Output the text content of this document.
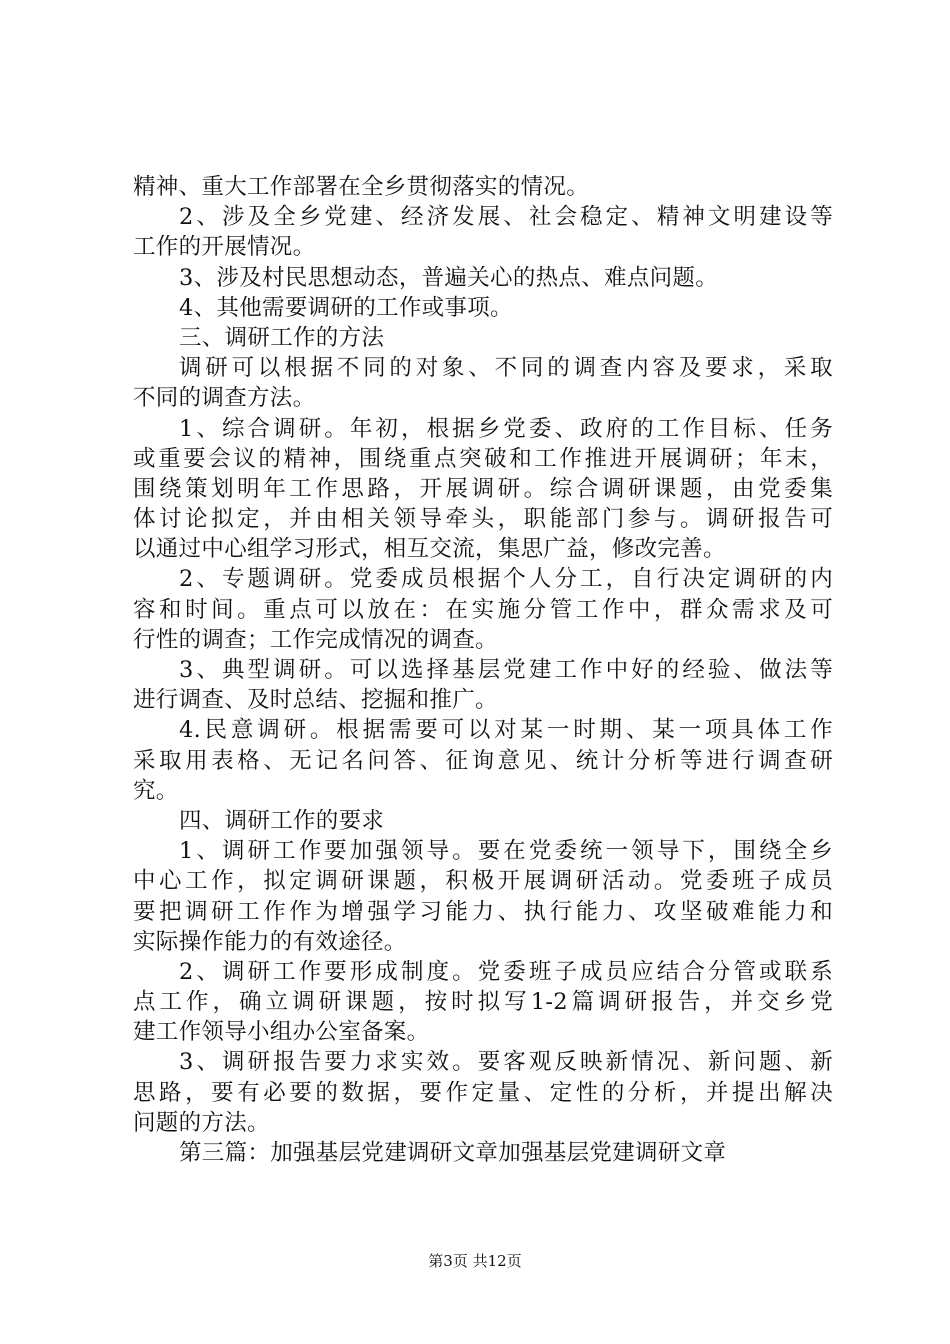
精神、重大工作部署在全乡贯彻落实的情况。
2、涉及全乡党建、经济发展、社会稳定、精神文明建设等
工作的开展情况。
3、涉及村民思想动态，普遍关心的热点、难点问题。
4、其他需要调研的工作或事项。
三、调研工作的方法
调研可以根据不同的对象、不同的调查内容及要求，采取
不同的调查方法。
1、综合调研。年初，根据乡党委、政府的工作目标、任务
或重要会议的精神，围绕重点突破和工作推进开展调研；年末，
围绕策划明年工作思路，开展调研。综合调研课题，由党委集
体讨论拟定，并由相关领导牵头，职能部门参与。调研报告可
以通过中心组学习形式，相互交流，集思广益，修改完善。
2、专题调研。党委成员根据个人分工，自行决定调研的内
容和时间。重点可以放在：在实施分管工作中，群众需求及可
行性的调查；工作完成情况的调查。
3、典型调研。可以选择基层党建工作中好的经验、做法等
进行调查、及时总结、挖掘和推广。
4.民意调研。根据需要可以对某一时期、某一项具体工作
采取用表格、无记名问答、征询意见、统计分析等进行调查研
究。
四、调研工作的要求
1、调研工作要加强领导。要在党委统一领导下，围绕全乡
中心工作，拟定调研课题，积极开展调研活动。党委班子成员
要把调研工作作为增强学习能力、执行能力、攻坚破难能力和
实际操作能力的有效途径。
2、调研工作要形成制度。党委班子成员应结合分管或联系
点工作，确立调研课题，按时拟写1-2篇调研报告，并交乡党
建工作领导小组办公室备案。
3、调研报告要力求实效。要客观反映新情况、新问题、新
思路，要有必要的数据，要作定量、定性的分析，并提出解决
问题的方法。
第三篇：加强基层党建调研文章加强基层党建调研文章
第3页 共12页
